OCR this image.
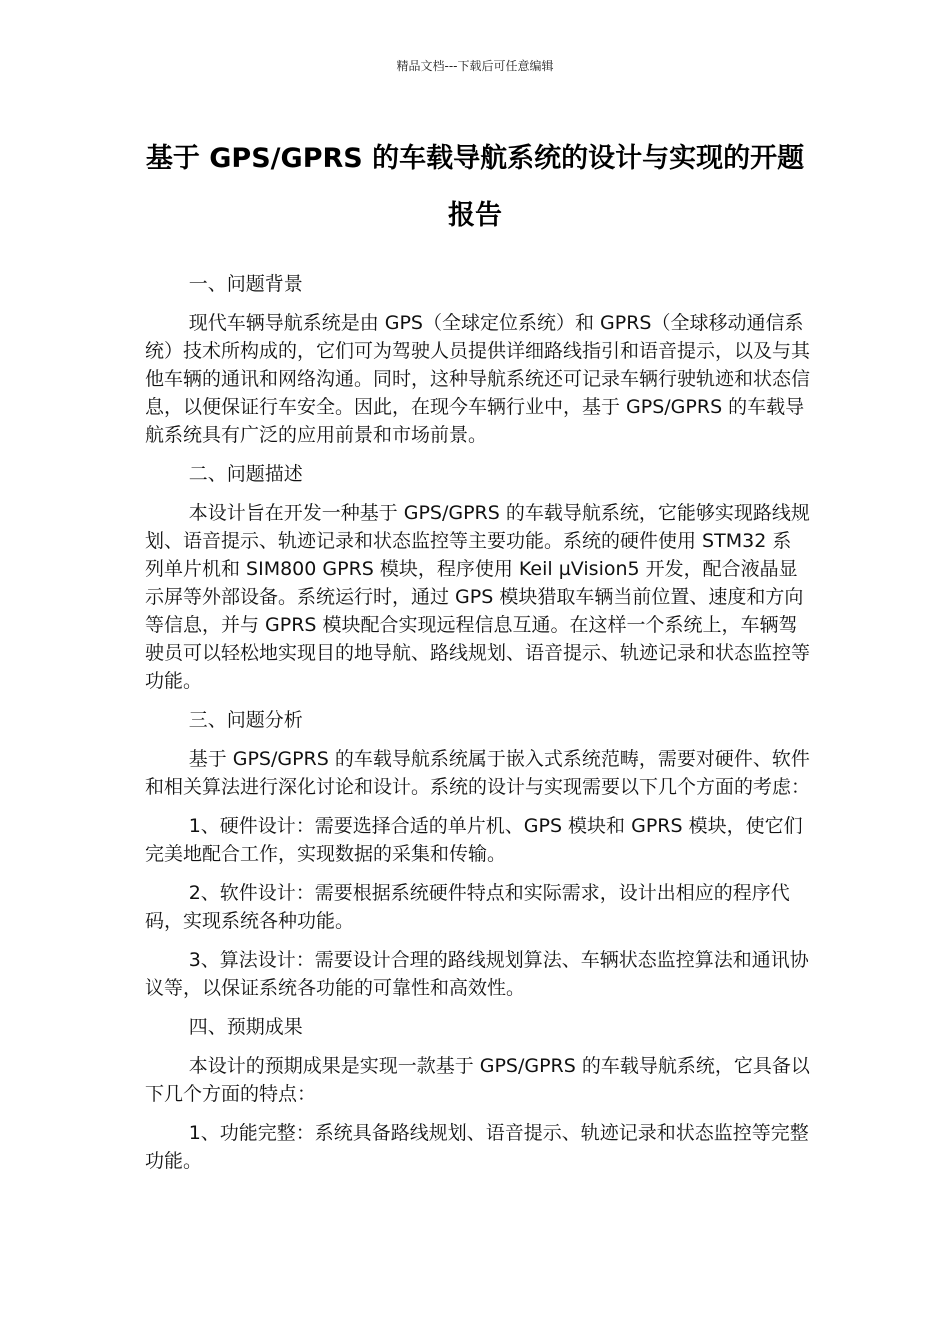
精品文档---下载后可任意编辑
基于 GPS/GPRS 的车载导航系统的设计与实现的开题报告

一、问题背景

现代车辆导航系统是由 GPS（全球定位系统）和 GPRS（全球移动通信系统）技术所构成的，它们可为驾驶人员提供详细路线指引和语音提示，以及与其他车辆的通讯和网络沟通。同时，这种导航系统还可记录车辆行驶轨迹和状态信息，以便保证行车安全。因此，在现今车辆行业中，基于 GPS/GPRS 的车载导航系统具有广泛的应用前景和市场前景。

二、问题描述

本设计旨在开发一种基于 GPS/GPRS 的车载导航系统，它能够实现路线规划、语音提示、轨迹记录和状态监控等主要功能。系统的硬件使用 STM32 系列单片机和 SIM800 GPRS 模块，程序使用 Keil µVision5 开发，配合液晶显示屏等外部设备。系统运行时，通过 GPS 模块猎取车辆当前位置、速度和方向等信息，并与 GPRS 模块配合实现远程信息互通。在这样一个系统上，车辆驾驶员可以轻松地实现目的地导航、路线规划、语音提示、轨迹记录和状态监控等功能。

三、问题分析

基于 GPS/GPRS 的车载导航系统属于嵌入式系统范畴，需要对硬件、软件和相关算法进行深化讨论和设计。系统的设计与实现需要以下几个方面的考虑：

1、硬件设计：需要选择合适的单片机、GPS 模块和 GPRS 模块，使它们完美地配合工作，实现数据的采集和传输。

2、软件设计：需要根据系统硬件特点和实际需求，设计出相应的程序代码，实现系统各种功能。

3、算法设计：需要设计合理的路线规划算法、车辆状态监控算法和通讯协议等，以保证系统各功能的可靠性和高效性。

四、预期成果

本设计的预期成果是实现一款基于 GPS/GPRS 的车载导航系统，它具备以下几个方面的特点：

1、功能完整：系统具备路线规划、语音提示、轨迹记录和状态监控等完整功能。
